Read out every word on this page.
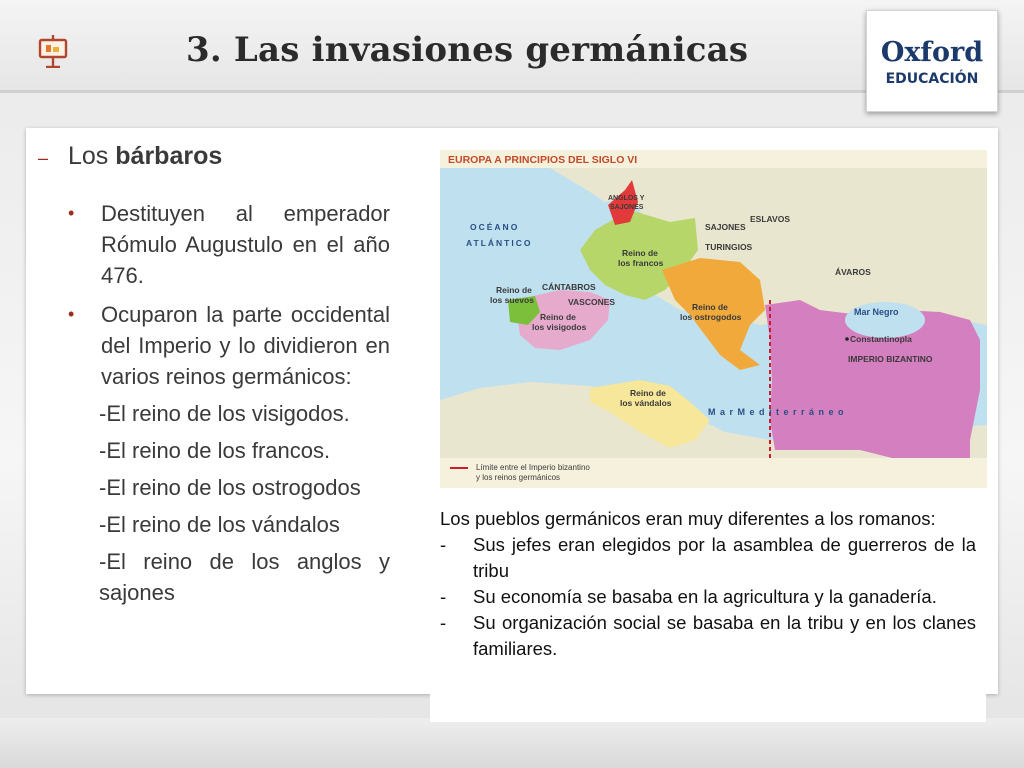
3. Las invasiones germánicas	Oxford
EDUCACIÓN
– Los bárbaros
• Destituyen al emperador Rómulo Augustulo en el año 476.
• Ocuparon la parte occidental del Imperio y lo dividieron en varios reinos germánicos:
-El reino de los visigodos.
-El reino de los francos.
-El reino de los ostrogodos
-El reino de los vándalos
-El reino de los anglos y sajones
EUROPA A PRINCIPIOS DEL SIGLO VI
OCÉANO
ATLÁNTICO	TURINGIOS
ÁVAROS
ESLAVOS
SAJONES
CÁNTABROS
VASCONES
ANGLOS Y
SAJONES
Reino de
los francos
Reino de
los suevos
Reino de
los visigodos
Reino de
los ostrogodos	Mar Negro
Constantinopla
IMPERIO BIZANTINO
Reino de
los vándalos
M a r M e d i t e r r á n e o
Límite entre el Imperio bizantino
y los reinos germánicos

Los pueblos germánicos eran muy diferentes a los romanos:

- Sus jefes eran elegidos por la asamblea de guerreros de la tribu
- Su economía se basaba en la agricultura y la ganadería.
- Su organización social se basaba en la tribu y en los clanes familiares.
